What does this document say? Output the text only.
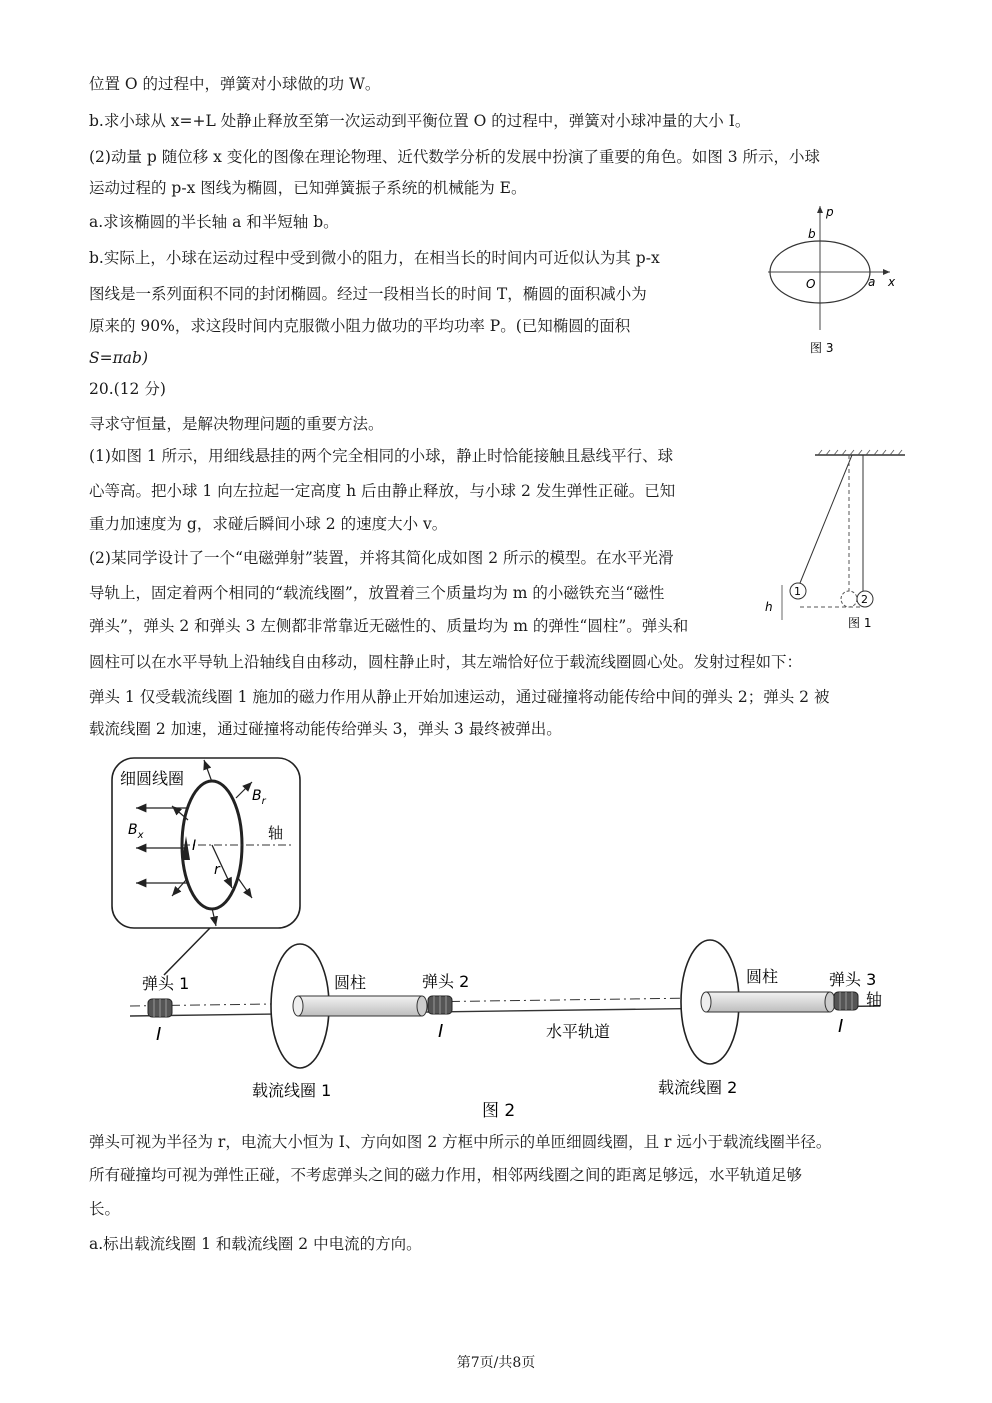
位置 O 的过程中，弹簧对小球做的功 W。
b.求小球从 x=+L 处静止释放至第一次运动到平衡位置 O 的过程中，弹簧对小球冲量的大小 I。
(2)动量 p 随位移 x 变化的图像在理论物理、近代数学分析的发展中扮演了重要的角色。如图 3 所示，小球
运动过程的 p-x 图线为椭圆，已知弹簧振子系统的机械能为 E。
a.求该椭圆的半长轴 a 和半短轴 b。
b.实际上，小球在运动过程中受到微小的阻力，在相当长的时间内可近似认为其 p-x
图线是一系列面积不同的封闭椭圆。经过一段相当长的时间 T，椭圆的面积减小为
原来的 90%，求这段时间内克服微小阻力做功的平均功率 P。(已知椭圆的面积
S=πab)
20.(12 分)
寻求守恒量，是解决物理问题的重要方法。
(1)如图 1 所示，用细线悬挂的两个完全相同的小球，静止时恰能接触且悬线平行、球
心等高。把小球 1 向左拉起一定高度 h 后由静止释放，与小球 2 发生弹性正碰。已知
重力加速度为 g，求碰后瞬间小球 2 的速度大小 v。
(2)某同学设计了一个“电磁弹射”装置，并将其简化成如图 2 所示的模型。在水平光滑
导轨上，固定着两个相同的“载流线圈”，放置着三个质量均为 m 的小磁铁充当“磁性
弹头”，弹头 2 和弹头 3 左侧都非常靠近无磁性的、质量均为 m 的弹性“圆柱”。弹头和
圆柱可以在水平导轨上沿轴线自由移动，圆柱静止时，其左端恰好位于载流线圈圆心处。发射过程如下：
弹头 1 仅受载流线圈 1 施加的磁力作用从静止开始加速运动，通过碰撞将动能传给中间的弹头 2；弹头 2 被
载流线圈 2 加速，通过碰撞将动能传给弹头 3，弹头 3 最终被弹出。
弹头可视为半径为 r，电流大小恒为 I、方向如图 2 方框中所示的单匝细圆线圈，且 r 远小于载流线圈半径。
所有碰撞均可视为弹性正碰，不考虑弹头之间的磁力作用，相邻两线圈之间的距离足够远，水平轨道足够
长。
a.标出载流线圈 1 和载流线圈 2 中电流的方向。
p
b
O	a x
图 3
1
2
h
图 1
细圆线圈
轴
$B_x$
$B_r$
I
r
弹头 1	圆柱	弹头 2	圆柱	弹头 3
轴
水平轨道
I	I	I
载流线圈 1	载流线圈 2
图 2
第7页/共8页
